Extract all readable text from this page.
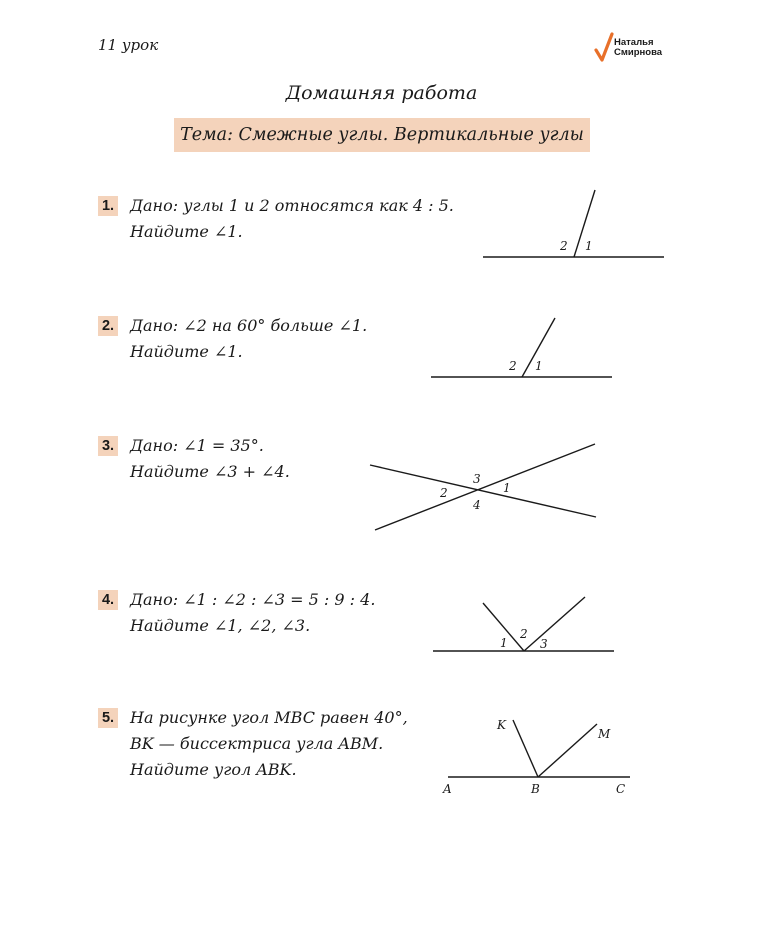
11 урок	Наталья
Смирнова
Домашняя работа
Тема: Смежные углы. Вертикальные углы
1. Дано: углы 1 и 2 относятся как 4 : 5.
Найдите ∠1.
2. Дано: ∠2 на 60° больше ∠1.
Найдите ∠1.
3. Дано: ∠1 = 35°.
Найдите ∠3 + ∠4.
4. Дано: ∠1 : ∠2 : ∠3 = 5 : 9 : 4.
Найдите ∠1, ∠2, ∠3.
5. На рисунке угол MBC равен 40°,
BK — биссектриса угла ABM.
Найдите угол ABK.
2 1
2 1
3
2	1
4
1
2
3
K
M
A	B	C
